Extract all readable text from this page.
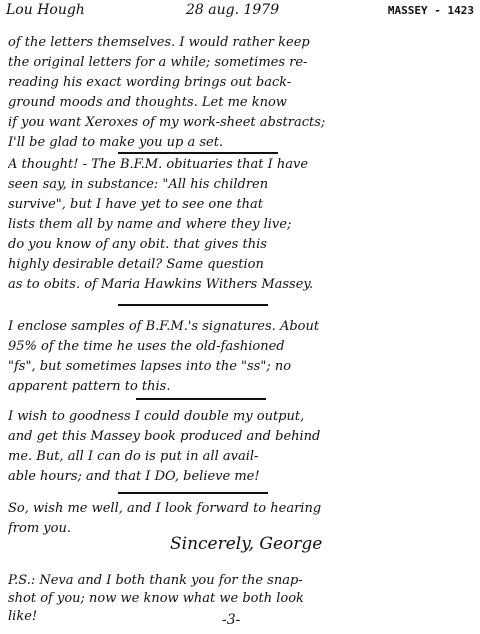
Lou Hough	28 aug. 1979	MASSEY - 1423
of the letters themselves. I would rather keep
the original letters for a while; sometimes re-
reading his exact wording brings out back-
ground moods and thoughts. Let me know
if you want Xeroxes of my work-sheet abstracts;
I'll be glad to make you up a set.
A thought! - The B.F.M. obituaries that I have
seen say, in substance: "All his children
survive", but I have yet to see one that
lists them all by name and where they live;
do you know of any obit. that gives this
highly desirable detail? Same question
as to obits. of Maria Hawkins Withers Massey.
I enclose samples of B.F.M.'s signatures. About
95% of the time he uses the old-fashioned
"fs", but sometimes lapses into the "ss"; no
apparent pattern to this.
I wish to goodness I could double my output,
and get this Massey book produced and behind
me. But, all I can do is put in all avail-
able hours; and that I DO, believe me!
So, wish me well, and I look forward to hearing
from you.
Sincerely, George
P.S.: Neva and I both thank you for the snap-
shot of you; now we know what we both look
like!	-3-
